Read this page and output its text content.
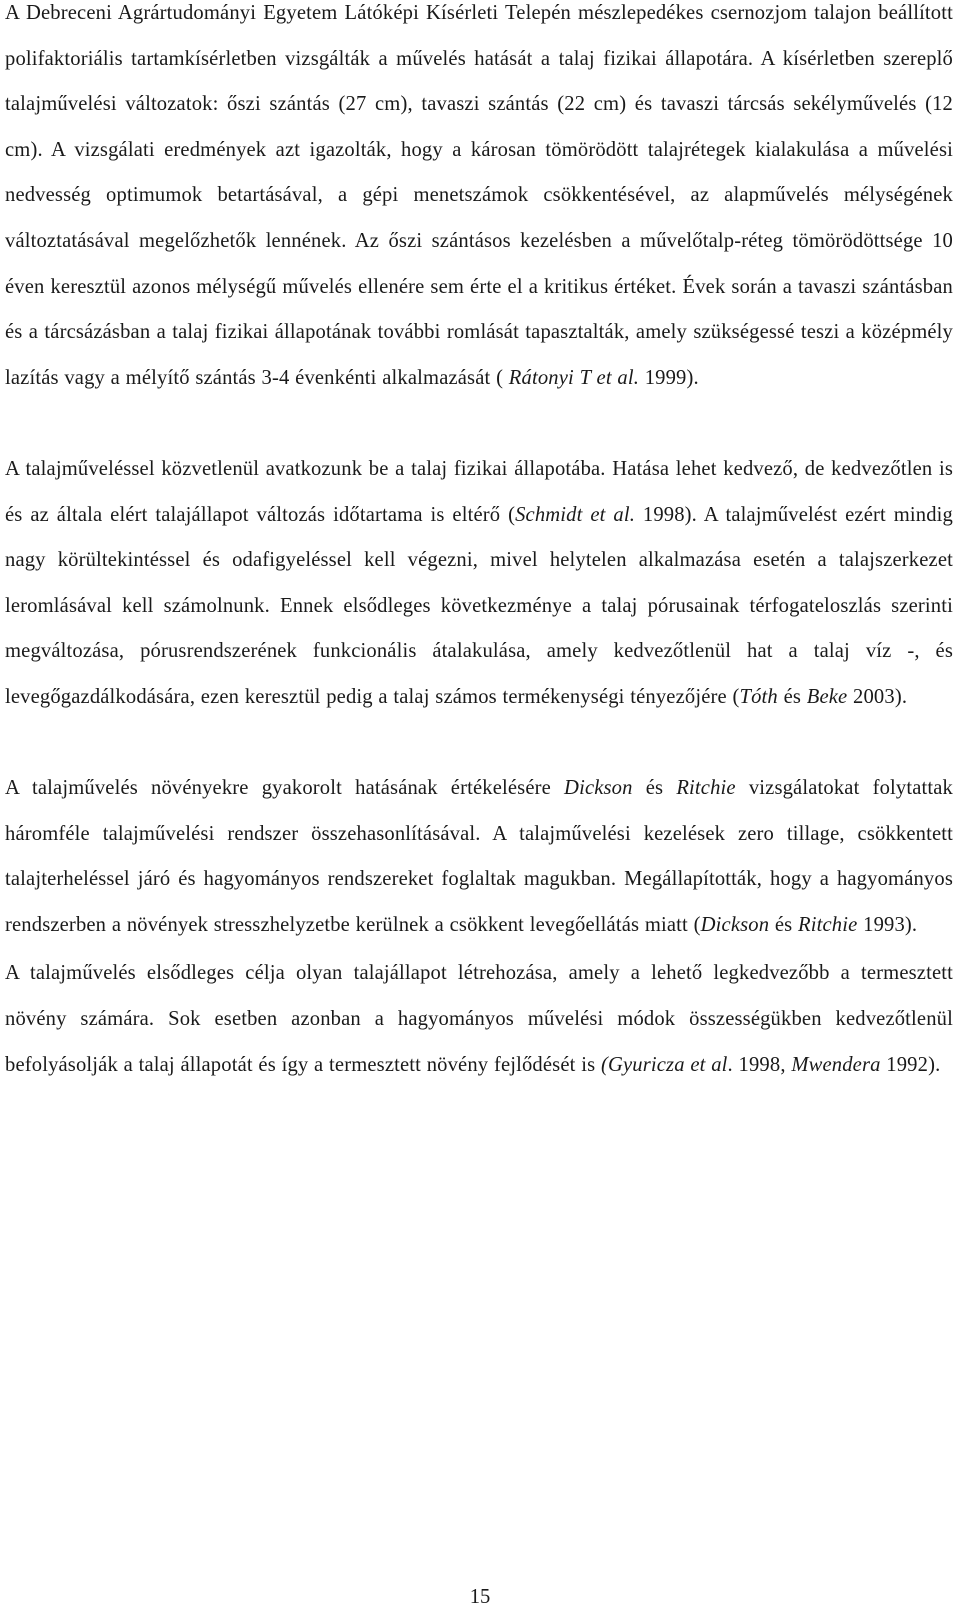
A Debreceni Agrártudományi Egyetem Látóképi Kísérleti Telepén mészlepedékes csernozjom talajon beállított polifaktoriális tartamkísérletben vizsgálták a művelés hatását a talaj fizikai állapotára. A kísérletben szereplő talajművelési változatok: őszi szántás (27 cm), tavaszi szántás (22 cm) és tavaszi tárcsás sekélyművelés (12 cm). A vizsgálati eredmények azt igazolták, hogy a károsan tömörödött talajrétegek kialakulása a művelési nedvesség optimumok betartásával, a gépi menetszámok csökkentésével, az alapművelés mélységének változtatásával megelőzhetők lennének. Az őszi szántásos kezelésben a művelőtalp-réteg tömörödöttsége 10 éven keresztül azonos mélységű művelés ellenére sem érte el a kritikus értéket. Évek során a tavaszi szántásban és a tárcsázásban a talaj fizikai állapotának további romlását tapasztalták, amely szükségessé teszi a középmély lazítás vagy a mélyítő szántás 3-4 évenkénti alkalmazását ( Rátonyi T et al. 1999).

A talajműveléssel közvetlenül avatkozunk be a talaj fizikai állapotába. Hatása lehet kedvező, de kedvezőtlen is és az általa elért talajállapot változás időtartama is eltérő (Schmidt et al. 1998). A talajművelést ezért mindig nagy körültekintéssel és odafigyeléssel kell végezni, mivel helytelen alkalmazása esetén a talajszerkezet leromlásával kell számolnunk. Ennek elsődleges következménye a talaj pórusainak térfogateloszlás szerinti megváltozása, pórusrendszerének funkcionális átalakulása, amely kedvezőtlenül hat a talaj víz -, és levegőgazdálkodására, ezen keresztül pedig a talaj számos termékenységi tényezőjére (Tóth és Beke 2003).

A talajművelés növényekre gyakorolt hatásának értékelésére Dickson és Ritchie vizsgálatokat folytattak háromféle talajművelési rendszer összehasonlításával. A talajművelési kezelések zero tillage, csökkentett talajterheléssel járó és hagyományos rendszereket foglaltak magukban. Megállapították, hogy a hagyományos rendszerben a növények stresszhelyzetbe kerülnek a csökkent levegőellátás miatt (Dickson és Ritchie 1993).

A talajművelés elsődleges célja olyan talajállapot létrehozása, amely a lehető legkedvezőbb a termesztett növény számára. Sok esetben azonban a hagyományos művelési módok összességükben kedvezőtlenül befolyásolják a talaj állapotát és így a termesztett növény fejlődését is (Gyuricza et al. 1998, Mwendera 1992).

15
